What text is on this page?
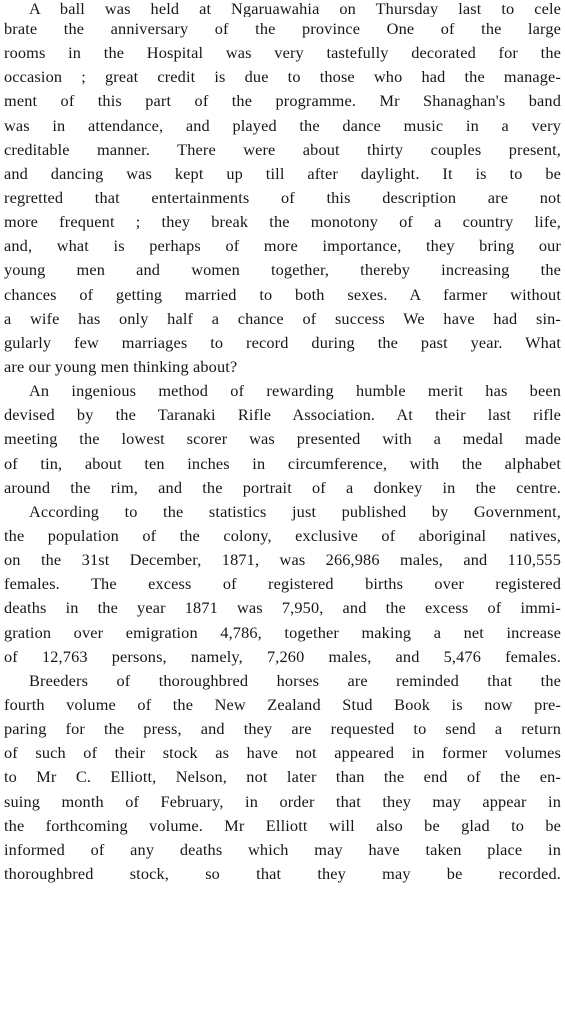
A ball was held at Ngaruawahia on Thursday last to cele
brate the anniversary of the province One of the large
rooms in the Hospital was very tastefully decorated for the
occasion ; great credit is due to those who had the manage-
ment of this part of the programme. Mr Shanaghan's band
was in attendance, and played the dance music in a very
creditable manner. There were about thirty couples present,
and dancing was kept up till after daylight. It is to be
regretted that entertainments of this description are not
more frequent ; they break the monotony of a country life,
and, what is perhaps of more importance, they bring our
young men and women together, thereby increasing the
chances of getting married to both sexes. A farmer without
a wife has only half a chance of success We have had sin-
gularly few marriages to record during the past year. What
are our young men thinking about?
An ingenious method of rewarding humble merit has been
devised by the Taranaki Rifle Association. At their last rifle
meeting the lowest scorer was presented with a medal made
of tin, about ten inches in circumference, with the alphabet
around the rim, and the portrait of a donkey in the centre.
According to the statistics just published by Government,
the population of the colony, exclusive of aboriginal natives,
on the 31st December, 1871, was 266,986 males, and 110,555
females. The excess of registered births over registered
deaths in the year 1871 was 7,950, and the excess of immi-
gration over emigration 4,786, together making a net increase
of 12,763 persons, namely, 7,260 males, and 5,476 females.
Breeders of thoroughbred horses are reminded that the
fourth volume of the New Zealand Stud Book is now pre-
paring for the press, and they are requested to send a return
of such of their stock as have not appeared in former volumes
to Mr C. Elliott, Nelson, not later than the end of the en-
suing month of February, in order that they may appear in
the forthcoming volume. Mr Elliott will also be glad to be
informed of any deaths which may have taken place in
thoroughbred stock, so that they may be recorded.
